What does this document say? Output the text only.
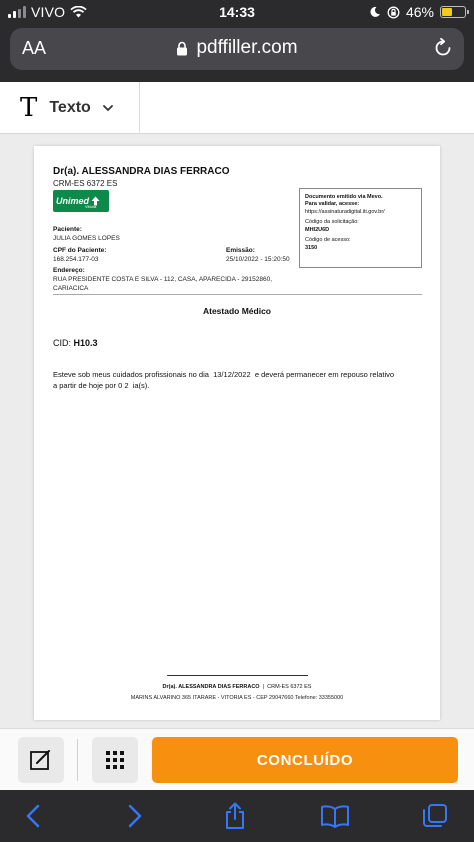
VIVO	14:33	46%
AA	pdffiller.com
T Texto
Dr(a). ALESSANDRA DIAS FERRACO
CRM-ES 6372 ES
Unimed
Vitória
Documento emitido via Mevo.
Para validar, acesse:
https://assinaturadigital.iti.gov.br/
Código da solicitação:
MHI2U6D
Código de acesso:
3150
Paciente:
JULIA GOMES LOPES
CPF do Paciente:
168.254.177-03
Emissão:
25/10/2022 - 15:20:50
Endereço:
RUA PRESIDENTE COSTA E SILVA - 112, CASA, APARECIDA - 29152860, CARIACICA
Atestado Médico
CID: H10.3
Esteve sob meus cuidados profissionais no dia 13/12/2022 e deverá permanecer em repouso relativo
a partir de hoje por 0 2 ia(s).
Dr(a). ALESSANDRA DIAS FERRACO | CRM-ES 6372 ES
MARINS ALVARINO 365 ITARARE - VITORIA ES - CEP 29047660 Telefone: 33355000
CONCLUÍDO
